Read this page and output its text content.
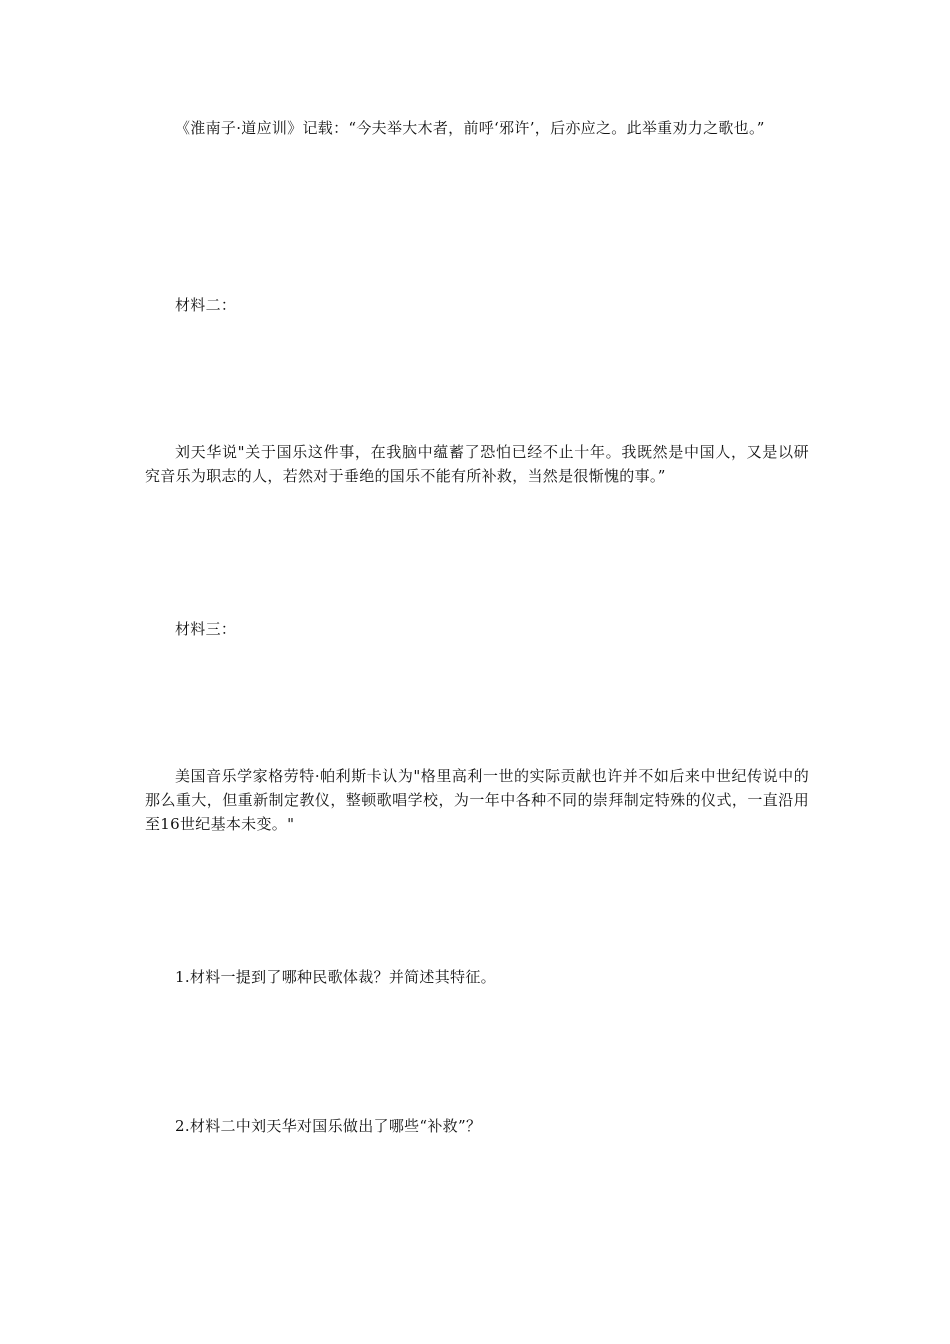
《淮南子·道应训》记载：“今夫举大木者，前呼‘邪许’，后亦应之。此举重劝力之歌也。”

材料二：

刘天华说"关于国乐这件事，在我脑中蕴蓄了恐怕已经不止十年。我既然是中国人，又是以研究音乐为职志的人，若然对于垂绝的国乐不能有所补救，当然是很惭愧的事。”

材料三：

美国音乐学家格劳特·帕利斯卡认为"格里高利一世的实际贡献也许并不如后来中世纪传说中的那么重大，但重新制定教仪，整顿歌唱学校，为一年中各种不同的崇拜制定特殊的仪式，一直沿用至16世纪基本未变。"

1.材料一提到了哪种民歌体裁？并简述其特征。

2.材料二中刘天华对国乐做出了哪些“补救”？
